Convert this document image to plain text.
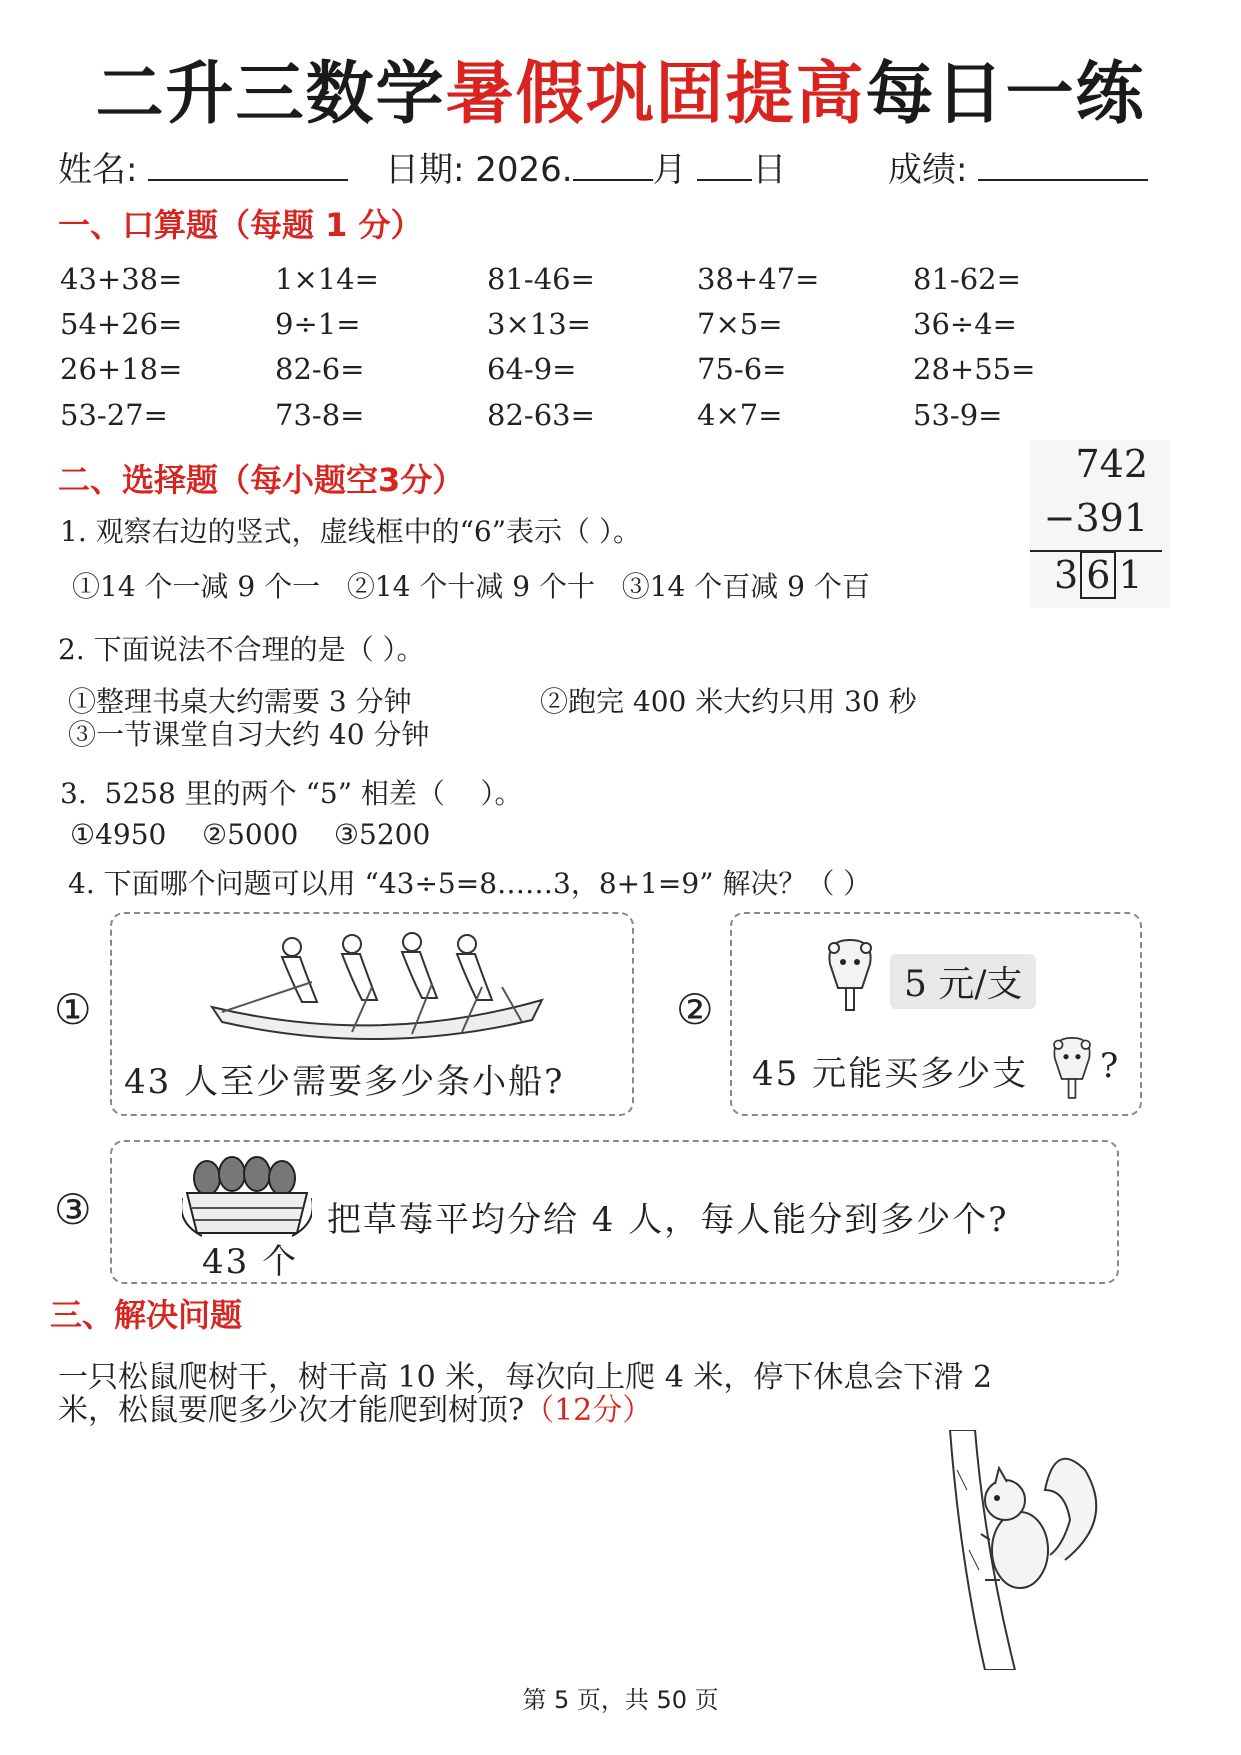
二升三数学暑假巩固提高每日一练
姓名:	日期: 2026. 月 日	成绩:
一、口算题（每题 1 分）
43+38=	1×14=	81-46=	38+47=	81-62=
54+26=	9÷1=	3×13=	7×5=	36÷4=
26+18=	82-6=	64-9=	75-6=	28+55=
53-27=	73-8=	82-63=	4×7=	53-9=
二、选择题（每小题空3分）
1. 观察右边的竖式，虚线框中的“6”表示（ ）。
①14 个一减 9 个一   ②14 个十减 9 个十   ③14 个百减 9 个百
742
−391
3 6 1
2. 下面说法不合理的是（ ）。
①整理书桌大约需要 3 分钟	②跑完 400 米大约只用 30 秒
③一节课堂自习大约 40 分钟
3.  5258 里的两个 “5” 相差（    ）。
①4950    ②5000    ③5200
4. 下面哪个问题可以用 “43÷5=8……3，8+1=9” 解决？（ ）
①
43 人至少需要多少条小船?
②
5 元/支
45 元能买多少支 ?
③
43 个
把草莓平均分给 4 人，每人能分到多少个?
三、解决问题
一只松鼠爬树干，树干高 10 米，每次向上爬 4 米，停下休息会下滑 2
米，松鼠要爬多少次才能爬到树顶?（12分）
第 5 页，共 50 页
